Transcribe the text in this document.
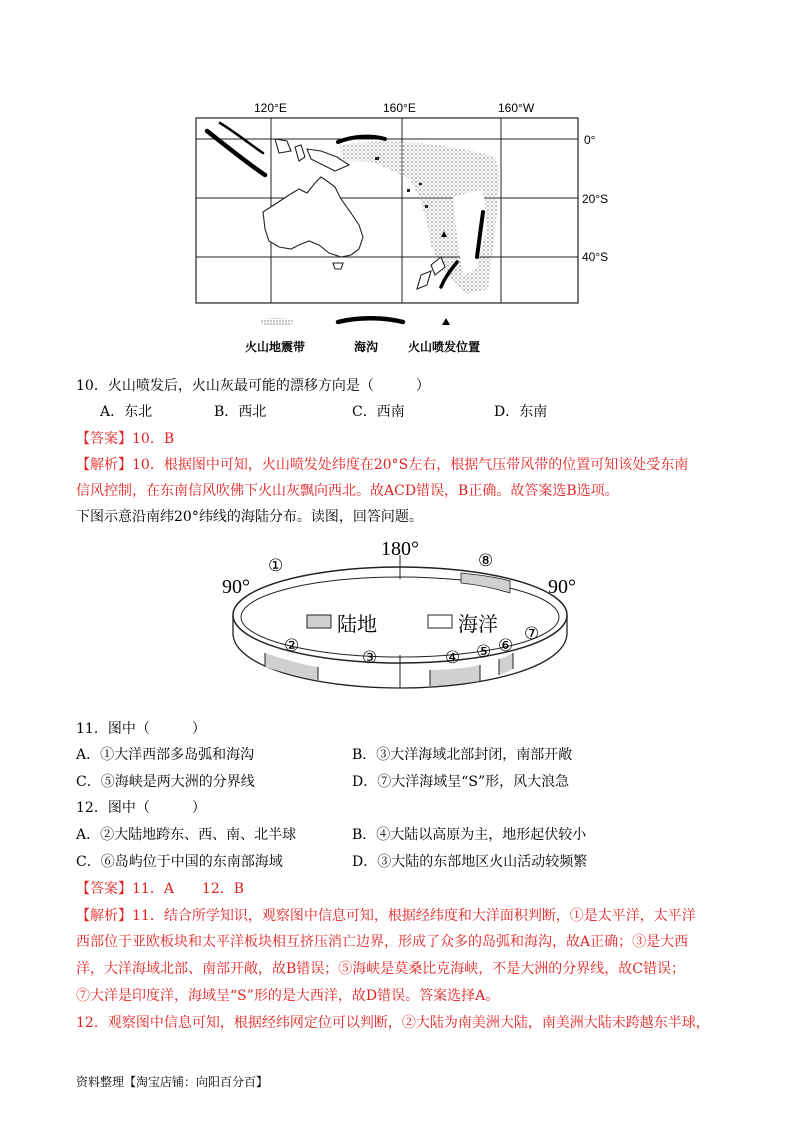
120°E	160°E	160°W
0°
20°S
40°S
火山地震带	海沟 火山喷发位置
10．火山喷发后，火山灰最可能的漂移方向是（　　　）
A．东北	B．西北	C．西南	D．东南
【答案】10．B
【解析】10．根据图中可知，火山喷发处纬度在20°S左右，根据气压带风带的位置可知该处受东南
信风控制，在东南信风吹佛下火山灰飘向西北。故ACD错误，B正确。故答案选B选项。
下图示意沿南纬20°纬线的海陆分布。读图，回答问题。
180°
90°	90°
陆地	海洋
①
②
③	④ ⑤ ⑥
⑦
⑧
11．图中（　　　）
A．①大洋西部多岛弧和海沟	B．③大洋海域北部封闭，南部开敞
C．⑤海峡是两大洲的分界线	D．⑦大洋海域呈“S”形，风大浪急
12．图中（　　　）
A．②大陆地跨东、西、南、北半球	B．④大陆以高原为主，地形起伏较小
C．⑥岛屿位于中国的东南部海域	D．③大陆的东部地区火山活动较频繁
【答案】11．A　　12．B
【解析】11．结合所学知识，观察图中信息可知，根据经纬度和大洋面积判断，①是太平洋，太平洋
西部位于亚欧板块和太平洋板块相互挤压消亡边界，形成了众多的岛弧和海沟，故A正确；③是大西
洋，大洋海域北部、南部开敞，故B错误；⑤海峡是莫桑比克海峡，不是大洲的分界线，故C错误；
⑦大洋是印度洋，海域呈“S”形的是大西洋，故D错误。答案选择A。
12．观察图中信息可知，根据经纬网定位可以判断，②大陆为南美洲大陆，南美洲大陆未跨越东半球，
资料整理【淘宝店铺：向阳百分百】
